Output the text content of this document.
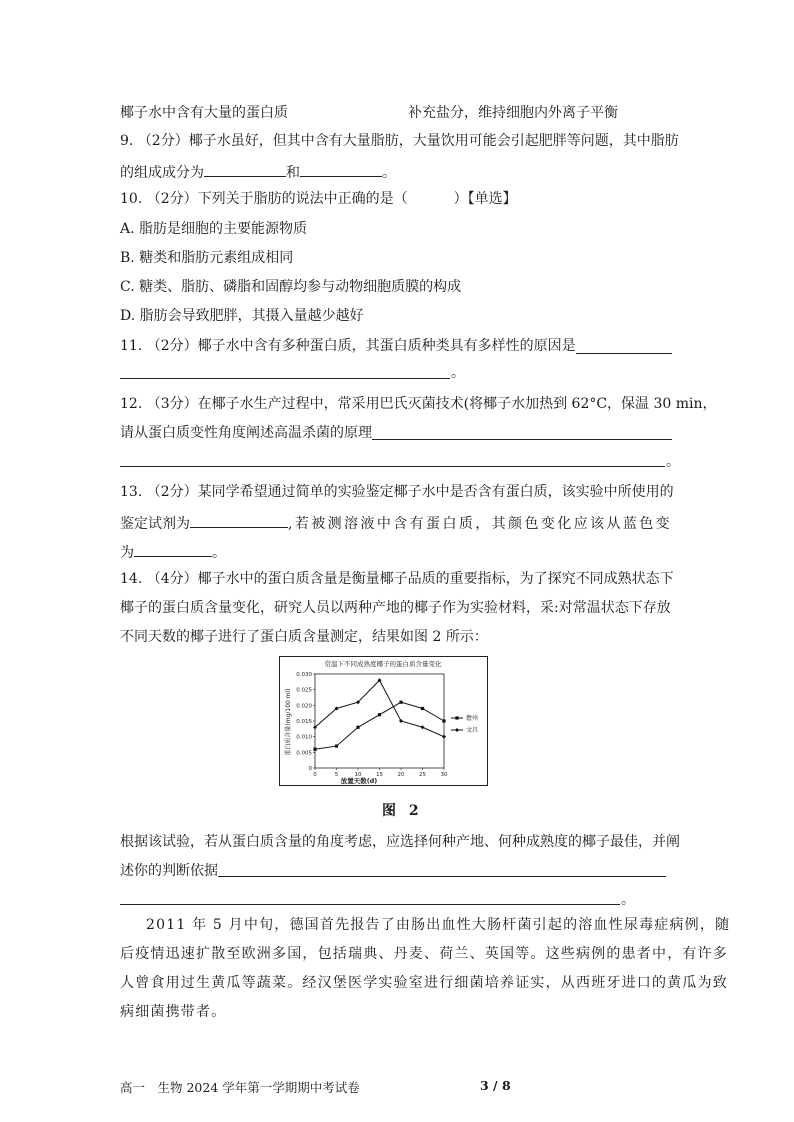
椰子水中含有大量的蛋白质	补充盐分，维持细胞内外离子平衡
9. （2分）椰子水虽好，但其中含有大量脂肪，大量饮用可能会引起肥胖等问题，其中脂肪
的组成成分为	和	。
10. （2分）下列关于脂肪的说法中正确的是（	）【单选】
A. 脂肪是细胞的主要能源物质
B. 糖类和脂肪元素组成相同
C. 糖类、脂肪、磷脂和固醇均参与动物细胞质膜的构成
D. 脂肪会导致肥胖，其摄入量越少越好
11. （2分）椰子水中含有多种蛋白质，其蛋白质种类具有多样性的原因是
。
12. （3分）在椰子水生产过程中，常采用巴氏灭菌技术(将椰子水加热到 62°C，保温 30 min，
请从蛋白质变性角度阐述高温杀菌的原理
。
13. （2分）某同学希望通过简单的实验鉴定椰子水中是否含有蛋白质，该实验中所使用的
鉴定试剂为	,若被测溶液中含有蛋白质，其颜色变化应该从蓝色变
为	。
14. （4分）椰子水中的蛋白质含量是衡量椰子品质的重要指标，为了探究不同成熟状态下
椰子的蛋白质含量变化，研究人员以两种产地的椰子作为实验材料，采:对常温状态下存放
不同天数的椰子进行了蛋白质含量测定，结果如图 2 所示：
常温下不同成熟度椰子的蛋白质含量变化
0
0.005
0.010
0.015
0.020
0.025
0.030
0	5	10	15	20	25	30
儋州
文昌
蛋白质含量(mg/100 ml)
放置天数(d)
图 2
根据该试验，若从蛋白质含量的角度考虑，应选择何种产地、何种成熟度的椰子最佳，并阐
述你的判断依据
。
2011 年 5 月中旬，德国首先报告了由肠出血性大肠杆菌引起的溶血性尿毒症病例，随
后疫情迅速扩散至欧洲多国，包括瑞典、丹麦、荷兰、英国等。这些病例的患者中，有许多
人曾食用过生黄瓜等蔬菜。经汉堡医学实验室进行细菌培养证实，从西班牙进口的黄瓜为致
病细菌携带者。
高一　生物 2024 学年第一学期期中考试卷	3 / 8
